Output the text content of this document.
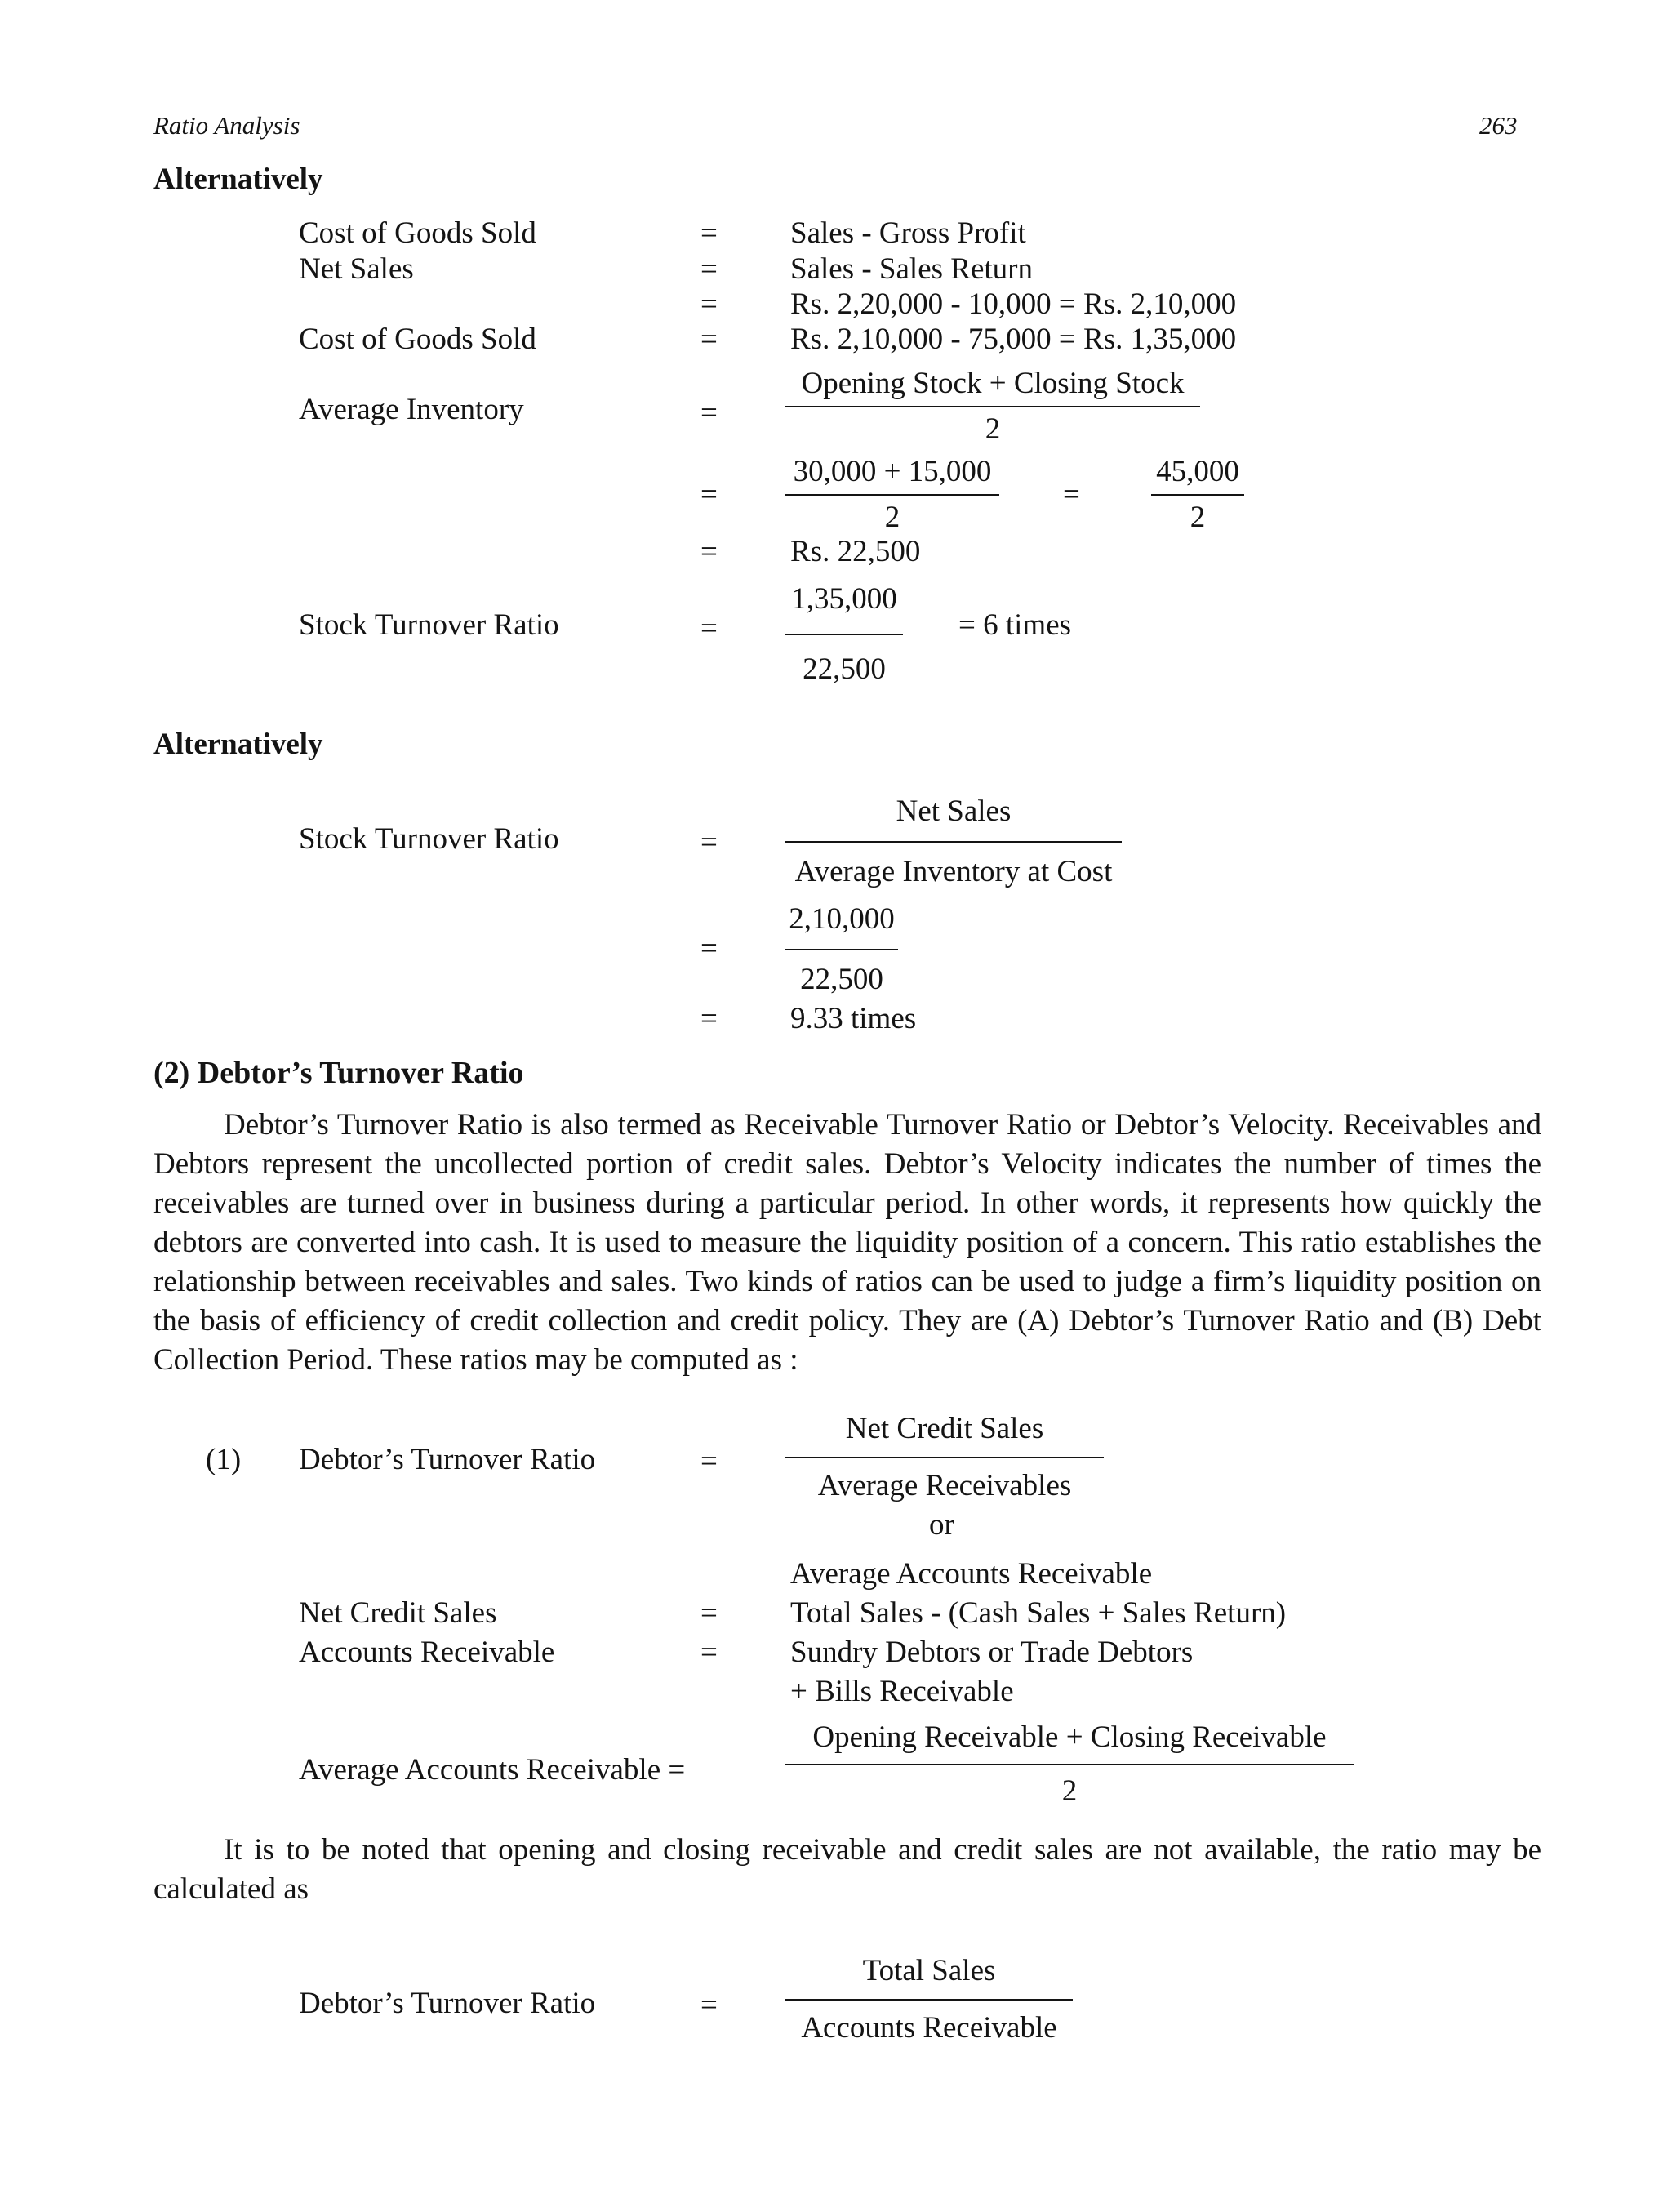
Ratio Analysis	263
Alternatively
Cost of Goods Sold	= Sales - Gross Profit
Net Sales	= Sales - Sales Return
= Rs. 2,20,000 - 10,000 = Rs. 2,10,000
Cost of Goods Sold	= Rs. 2,10,000 - 75,000 = Rs. 1,35,000
Average Inventory	=
Opening Stock + Closing Stock
2
=
30,000 + 15,000
2
=
45,000
2
= Rs. 22,500
Stock Turnover Ratio	=
1,35,000
22,500
= 6 times
Alternatively
Stock Turnover Ratio	=
Net Sales
Average Inventory at Cost
=
2,10,000
22,500
= 9.33 times
(2) Debtor’s Turnover Ratio

Debtor’s Turnover Ratio is also termed as Receivable Turnover Ratio or Debtor’s Velocity. Receivables and Debtors represent the uncollected portion of credit sales. Debtor’s Velocity indicates the number of times the receivables are turned over in business during a particular period. In other words, it represents how quickly the debtors are converted into cash. It is used to measure the liquidity position of a concern. This ratio establishes the relationship between receivables and sales. Two kinds of ratios can be used to judge a firm’s liquidity position on the basis of efficiency of credit collection and credit policy. They are (A) Debtor’s Turnover Ratio and (B) Debt Collection Period. These ratios may be computed as :

(1) Debtor’s Turnover Ratio	=
Net Credit Sales
Average Receivables
or
Average Accounts Receivable
Net Credit Sales	= Total Sales - (Cash Sales + Sales Return)
Accounts Receivable	= Sundry Debtors or Trade Debtors
+ Bills Receivable
Average Accounts Receivable =
Opening Receivable + Closing Receivable
2

It is to be noted that opening and closing receivable and credit sales are not available, the ratio may be calculated as

Debtor’s Turnover Ratio	=
Total Sales
Accounts Receivable
